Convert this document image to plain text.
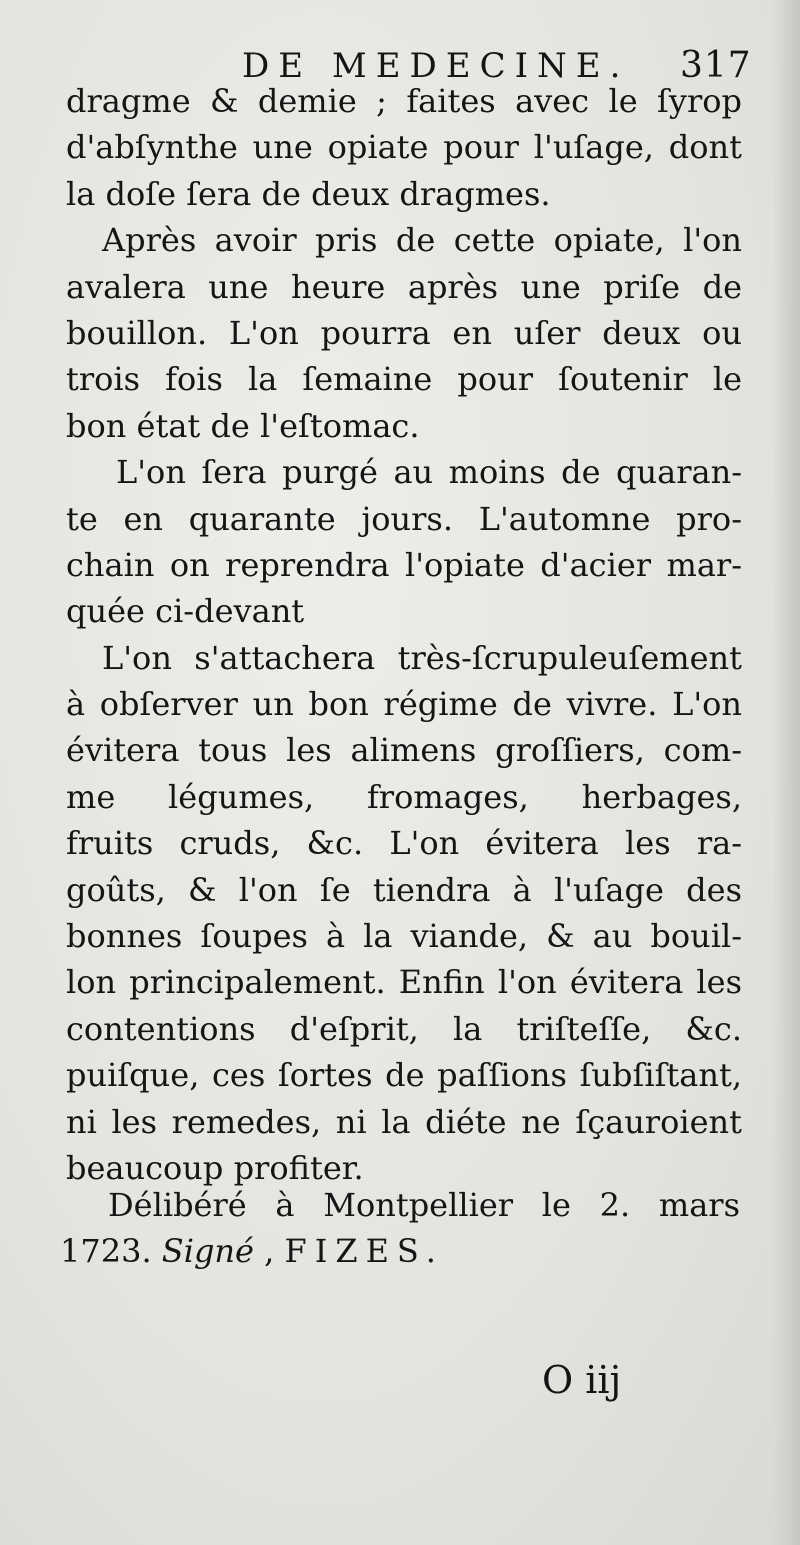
DE MEDECINE. 317
dragme & demie ; faites avec le ſyrop
d'abſynthe une opiate pour l'uſage, dont
la doſe ſera de deux dragmes.
Après avoir pris de cette opiate, l'on
avalera une heure après une priſe de
bouillon. L'on pourra en uſer deux ou
trois fois la ſemaine pour ſoutenir le
bon état de l'eſtomac.
L'on ſera purgé au moins de quaran-
te en quarante jours. L'automne pro-
chain on reprendra l'opiate d'acier mar-
quée ci-devant
L'on s'attachera très-ſcrupuleuſement
à obſerver un bon régime de vivre. L'on
évitera tous les alimens groſſiers, com-
me légumes, fromages, herbages,
fruits cruds, &c. L'on évitera les ra-
goûts, & l'on ſe tiendra à l'uſage des
bonnes ſoupes à la viande, & au bouil-
lon principalement. Enfin l'on évitera les
contentions d'eſprit, la triſteſſe, &c.
puiſque, ces ſortes de paſſions ſubſiſtant,
ni les remedes, ni la diéte ne ſçauroient
beaucoup profiter.
Délibéré à Montpellier le 2. mars
1723. Signé , FIZES.
O iij
